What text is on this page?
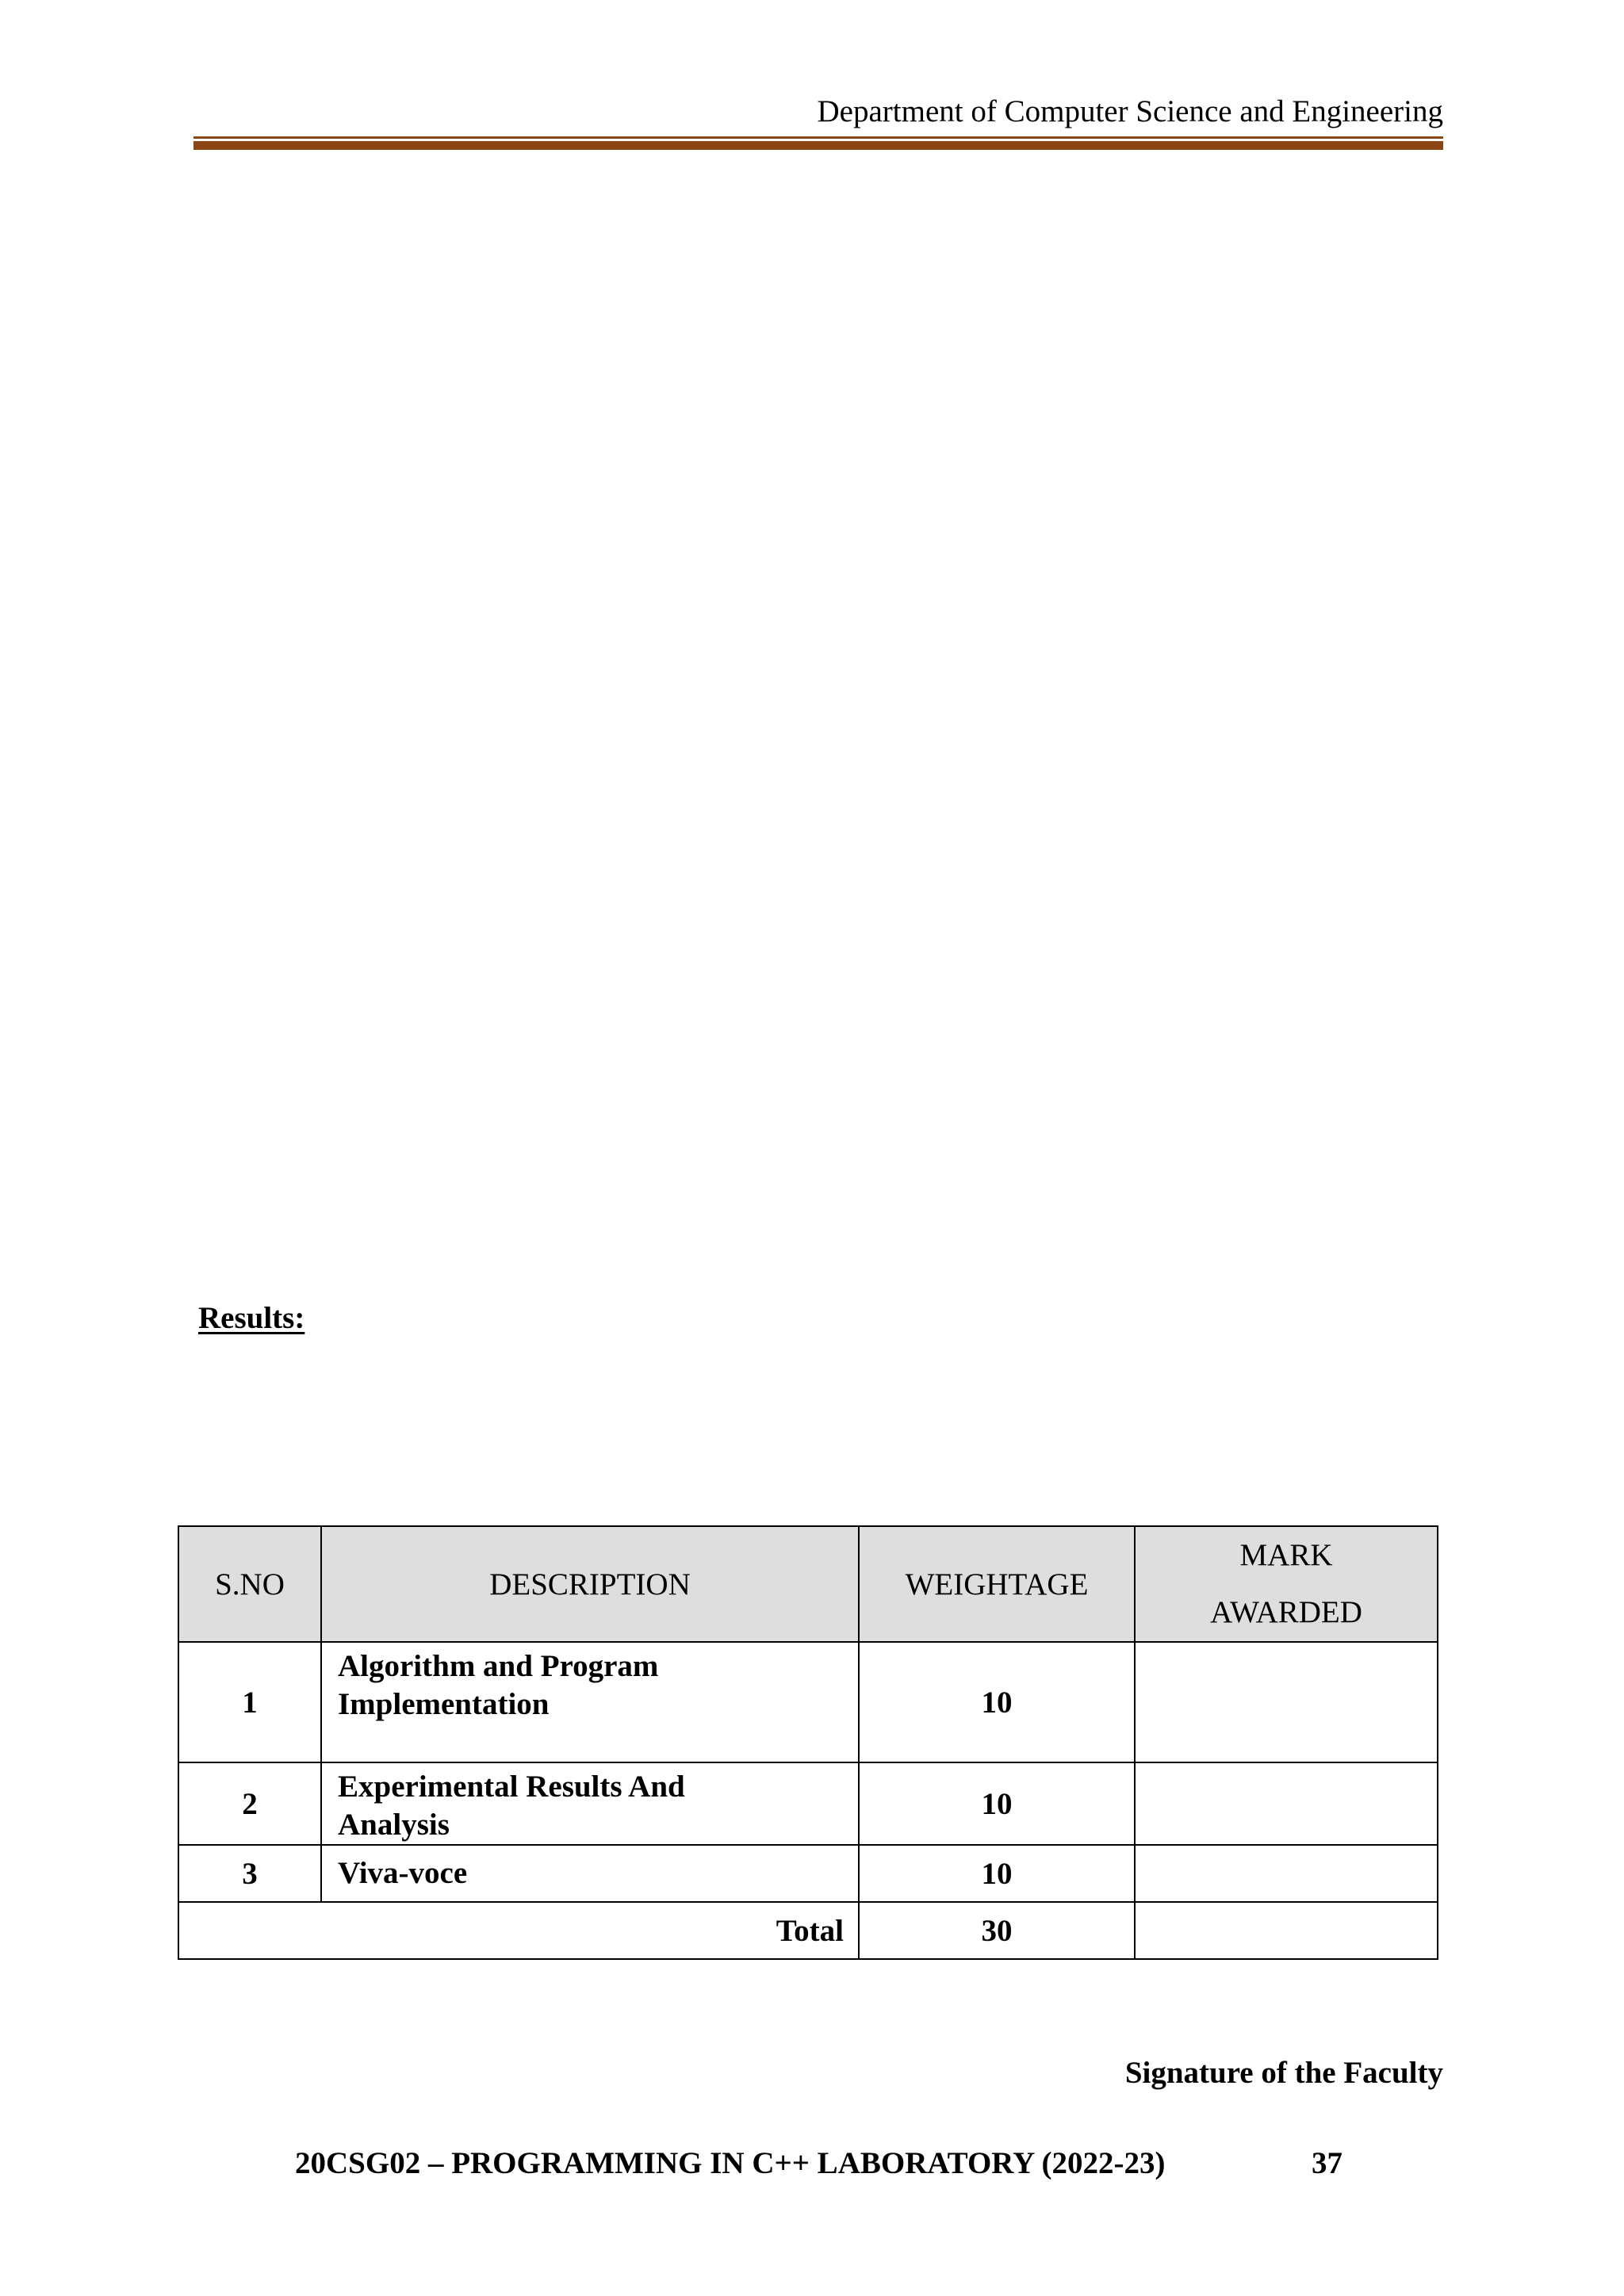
Department of Computer Science and Engineering
Results:
S.NO	DESCRIPTION	WEIGHTAGE	MARK
AWARDED

1	Algorithm and Program
Implementation	10	
2	Experimental Results And
Analysis	10	
3	Viva-voce	10	
Total		30	
Signature of the Faculty
20CSG02 – PROGRAMMING IN C++ LABORATORY (2022-23)	37
